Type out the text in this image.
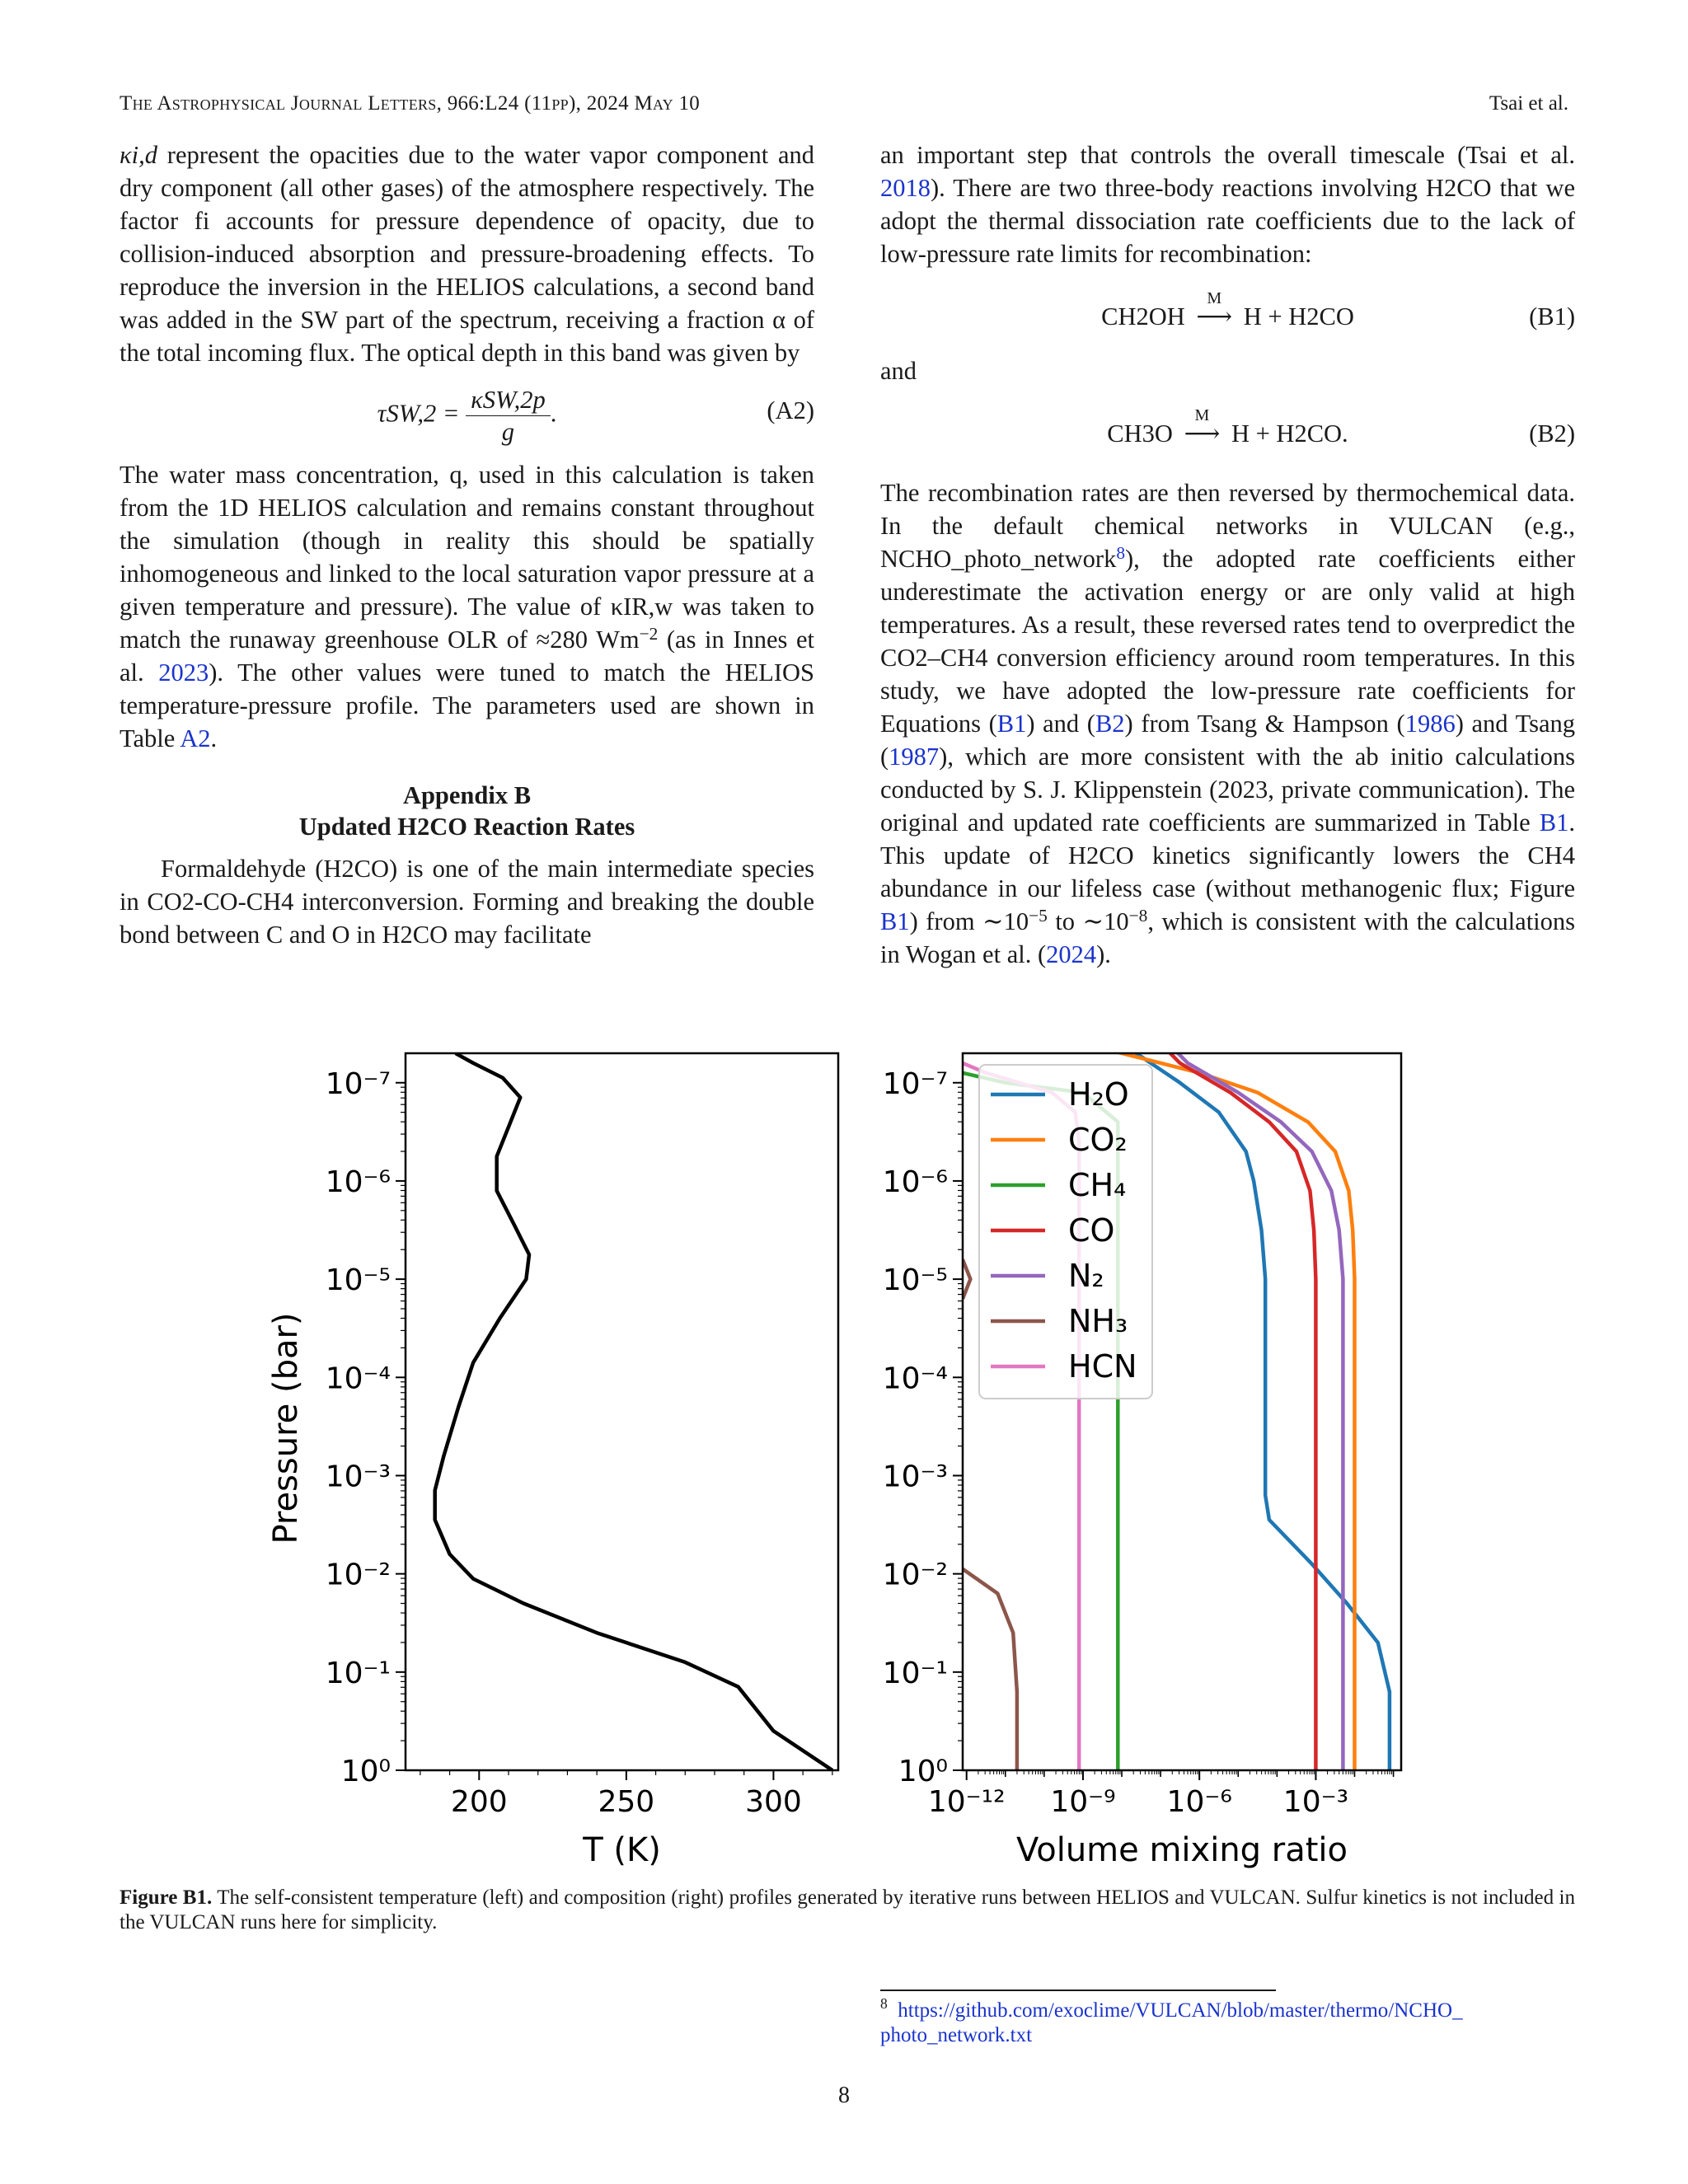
The Astrophysical Journal Letters, 966:L24 (11pp), 2024 May 10	Tsai et al.

κi,d represent the opacities due to the water vapor component and dry component (all other gases) of the atmosphere respectively. The factor fi accounts for pressure dependence of opacity, due to collision-induced absorption and pressure-broadening effects. To reproduce the inversion in the HELIOS calculations, a second band was added in the SW part of the spectrum, receiving a fraction α of the total incoming flux. The optical depth in this band was given by

$\tau SW,2 = \frac{\text{κSW,2p}}{g}$ .	(A2)

The water mass concentration, q, used in this calculation is taken from the 1D HELIOS calculation and remains constant throughout the simulation (though in reality this should be spatially inhomogeneous and linked to the local saturation vapor pressure at a given temperature and pressure). The value of κIR,w was taken to match the runaway greenhouse OLR of ≈280 $Wm^{-2}$ (as in Innes et al. 2023). The other values were tuned to match the HELIOS temperature-pressure profile. The parameters used are shown in Table A2.

Appendix B
Updated H2CO Reaction Rates

Formaldehyde (H2CO) is one of the main intermediate species in CO2-CO-CH4 interconversion. Forming and breaking the double bond between C and O in H2CO may facilitate

an important step that controls the overall timescale (Tsai et al. 2018). There are two three-body reactions involving H2CO that we adopt the thermal dissociation rate coefficients due to the lack of low-pressure rate limits for recombination:

CH2OH
M
⟶ H + H2CO	(B1)

and

CH3O
M
⟶ H + H2CO.	(B2)

The recombination rates are then reversed by thermochemical data. In the default chemical networks in VULCAN (e.g., NCHO_photo_network$^8$), the adopted rate coefficients either underestimate the activation energy or are only valid at high temperatures. As a result, these reversed rates tend to overpredict the CO2–CH4 conversion efficiency around room temperatures. In this study, we have adopted the low-pressure rate coefficients for Equations (B1) and (B2) from Tsang & Hampson (1986) and Tsang (1987), which are more consistent with the ab initio calculations conducted by S. J. Klippenstein (2023, private communication). The original and updated rate coefficients are summarized in Table B1. This update of H2CO kinetics significantly lowers the CH4 abundance in our lifeless case (without methanogenic flux; Figure B1) from $\sim 10^{-5}$ to $\sim 10^{-8}$, which is consistent with the calculations in Wogan et al. (2024).

10⁰
10⁻¹
10⁻²
10⁻³
10⁻⁴
10⁻⁵
10⁻⁶
10⁻⁷
200	250	300
T (K)
Pressure (bar)
10⁰
10⁻¹
10⁻²
10⁻³
10⁻⁴
10⁻⁵
10⁻⁶
10⁻⁷
10⁻¹² 10⁻⁹ 10⁻⁶ 10⁻³
Volume mixing ratio
H₂O
CO₂
CH₄
CO
N₂
NH₃
HCN
Figure B1. The self-consistent temperature (left) and composition (right) profiles generated by iterative runs between HELIOS and VULCAN. Sulfur kinetics is not included in the VULCAN runs here for simplicity.
$^8$ https://github.com/exoclime/VULCAN/blob/master/thermo/NCHO_
photo_network.txt
8
